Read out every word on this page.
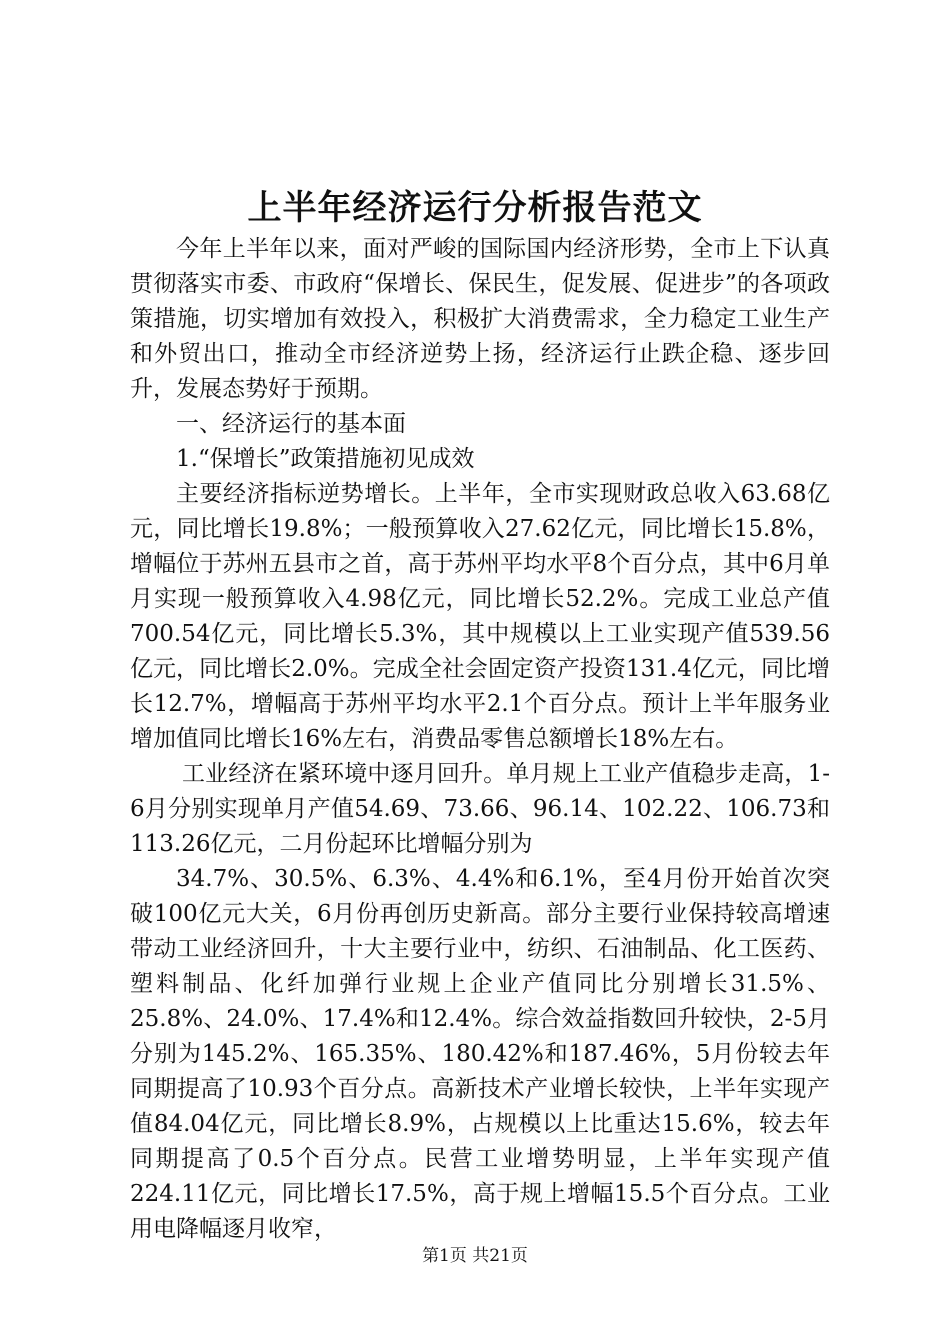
上半年经济运行分析报告范文

今年上半年以来，面对严峻的国际国内经济形势，全市上下认真贯彻落实市委、市政府“保增长、保民生，促发展、促进步”的各项政策措施，切实增加有效投入，积极扩大消费需求，全力稳定工业生产和外贸出口，推动全市经济逆势上扬，经济运行止跌企稳、逐步回升，发展态势好于预期。

一、经济运行的基本面

1.“保增长”政策措施初见成效

主要经济指标逆势增长。上半年，全市实现财政总收入63.68亿元，同比增长19.8%；一般预算收入27.62亿元，同比增长15.8%，增幅位于苏州五县市之首，高于苏州平均水平8个百分点，其中6月单月实现一般预算收入4.98亿元，同比增长52.2%。完成工业总产值700.54亿元，同比增长5.3%，其中规模以上工业实现产值539.56亿元，同比增长2.0%。完成全社会固定资产投资131.4亿元，同比增长12.7%，增幅高于苏州平均水平2.1个百分点。预计上半年服务业增加值同比增长16%左右，消费品零售总额增长18%左右。

工业经济在紧环境中逐月回升。单月规上工业产值稳步走高，1-6月分别实现单月产值54.69、73.66、96.14、102.22、106.73和113.26亿元，二月份起环比增幅分别为

34.7%、30.5%、6.3%、4.4%和6.1%，至4月份开始首次突破100亿元大关，6月份再创历史新高。部分主要行业保持较高增速带动工业经济回升，十大主要行业中，纺织、石油制品、化工医药、塑料制品、化纤加弹行业规上企业产值同比分别增长31.5%、25.8%、24.0%、17.4%和12.4%。综合效益指数回升较快，2-5月分别为145.2%、165.35%、180.42%和187.46%，5月份较去年同期提高了10.93个百分点。高新技术产业增长较快，上半年实现产值84.04亿元，同比增长8.9%，占规模以上比重达15.6%，较去年同期提高了0.5个百分点。民营工业增势明显，上半年实现产值224.11亿元，同比增长17.5%，高于规上增幅15.5个百分点。工业用电降幅逐月收窄，

第1页 共21页
